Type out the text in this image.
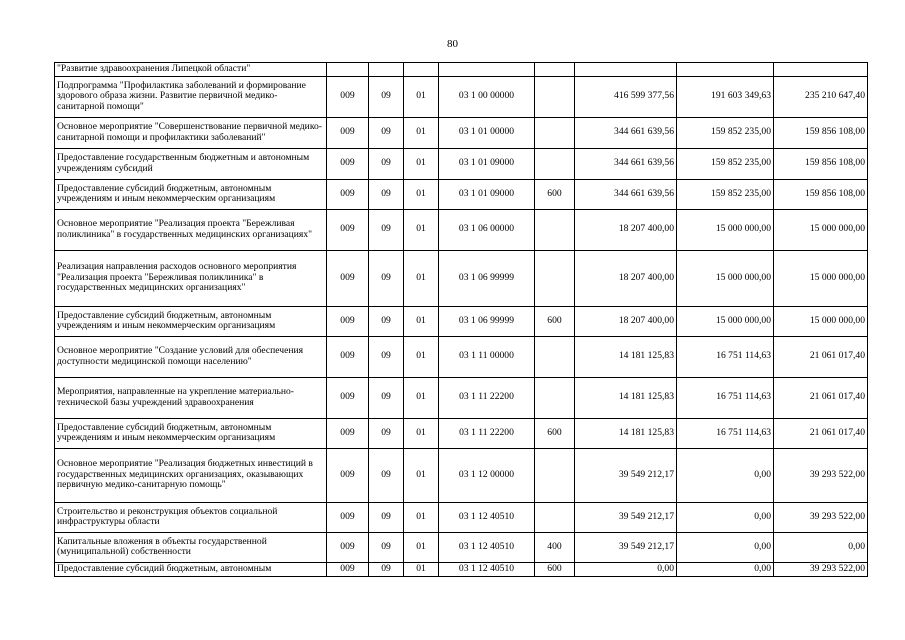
80
"Развитие здравоохранения Липецкой области"								
Подпрограмма "Профилактика заболеваний и формирование здорового образа жизни. Развитие первичной медико-санитарной помощи"	009	09	01	03 1 00 00000		416 599 377,56	191 603 349,63	235 210 647,40
Основное мероприятие "Совершенствование первичной медико-санитарной помощи и профилактики заболеваний"	009	09	01	03 1 01 00000		344 661 639,56	159 852 235,00	159 856 108,00
Предоставление государственным бюджетным и автономным учреждениям субсидий	009	09	01	03 1 01 09000		344 661 639,56	159 852 235,00	159 856 108,00
Предоставление субсидий бюджетным, автономным учреждениям и иным некоммерческим организациям	009	09	01	03 1 01 09000	600	344 661 639,56	159 852 235,00	159 856 108,00
Основное мероприятие "Реализация проекта "Бережливая поликлиника" в государственных медицинских организациях"	009	09	01	03 1 06 00000		18 207 400,00	15 000 000,00	15 000 000,00
Реализация направления расходов основного мероприятия "Реализация проекта "Бережливая поликлиника" в государственных медицинских организациях"	009	09	01	03 1 06 99999		18 207 400,00	15 000 000,00	15 000 000,00
Предоставление субсидий бюджетным, автономным учреждениям и иным некоммерческим организациям	009	09	01	03 1 06 99999	600	18 207 400,00	15 000 000,00	15 000 000,00
Основное мероприятие "Создание условий для обеспечения доступности медицинской помощи населению"	009	09	01	03 1 11 00000		14 181 125,83	16 751 114,63	21 061 017,40
Мероприятия, направленные на укрепление материально-технической базы учреждений здравоохранения	009	09	01	03 1 11 22200		14 181 125,83	16 751 114,63	21 061 017,40
Предоставление субсидий бюджетным, автономным учреждениям и иным некоммерческим организациям	009	09	01	03 1 11 22200	600	14 181 125,83	16 751 114,63	21 061 017,40
Основное мероприятие "Реализация бюджетных инвестиций в государственных медицинских организациях, оказывающих первичную медико-санитарную помощь"	009	09	01	03 1 12 00000		39 549 212,17	0,00	39 293 522,00
Строительство и реконструкция объектов социальной инфраструктуры области	009	09	01	03 1 12 40510		39 549 212,17	0,00	39 293 522,00
Капитальные вложения в объекты государственной (муниципальной) собственности	009	09	01	03 1 12 40510	400	39 549 212,17	0,00	0,00
Предоставление субсидий бюджетным, автономным	009	09	01	03 1 12 40510	600	0,00	0,00	39 293 522,00
